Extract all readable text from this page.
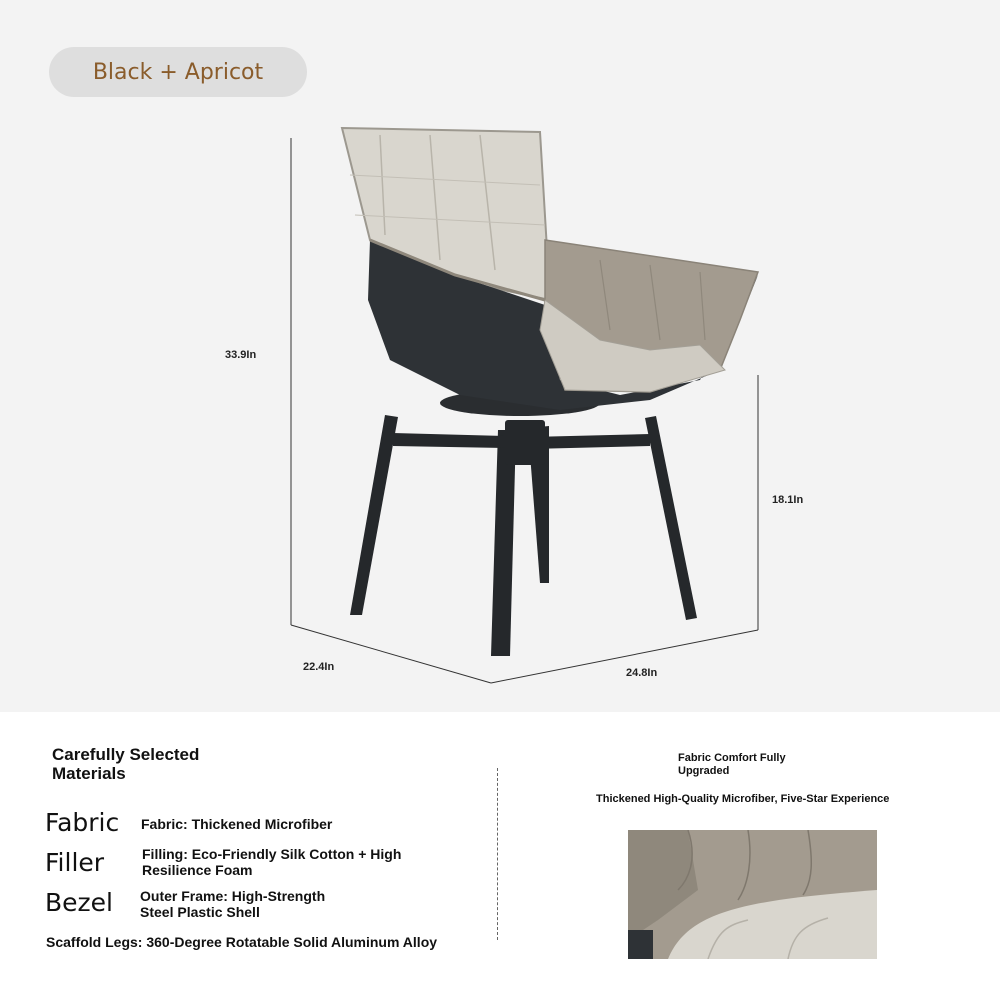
Black + Apricot
33.9In
18.1In
22.4In	24.8In
Carefully Selected Materials
Fabric Fabric: Thickened Microfiber
Filler	Filling: Eco-Friendly Silk Cotton + High Resilience Foam
Bezel Outer Frame: High-Strength Steel Plastic Shell
Scaffold Legs: 360-Degree Rotatable Solid Aluminum Alloy
Fabric Comfort Fully Upgraded
Thickened High-Quality Microfiber, Five-Star Experience
